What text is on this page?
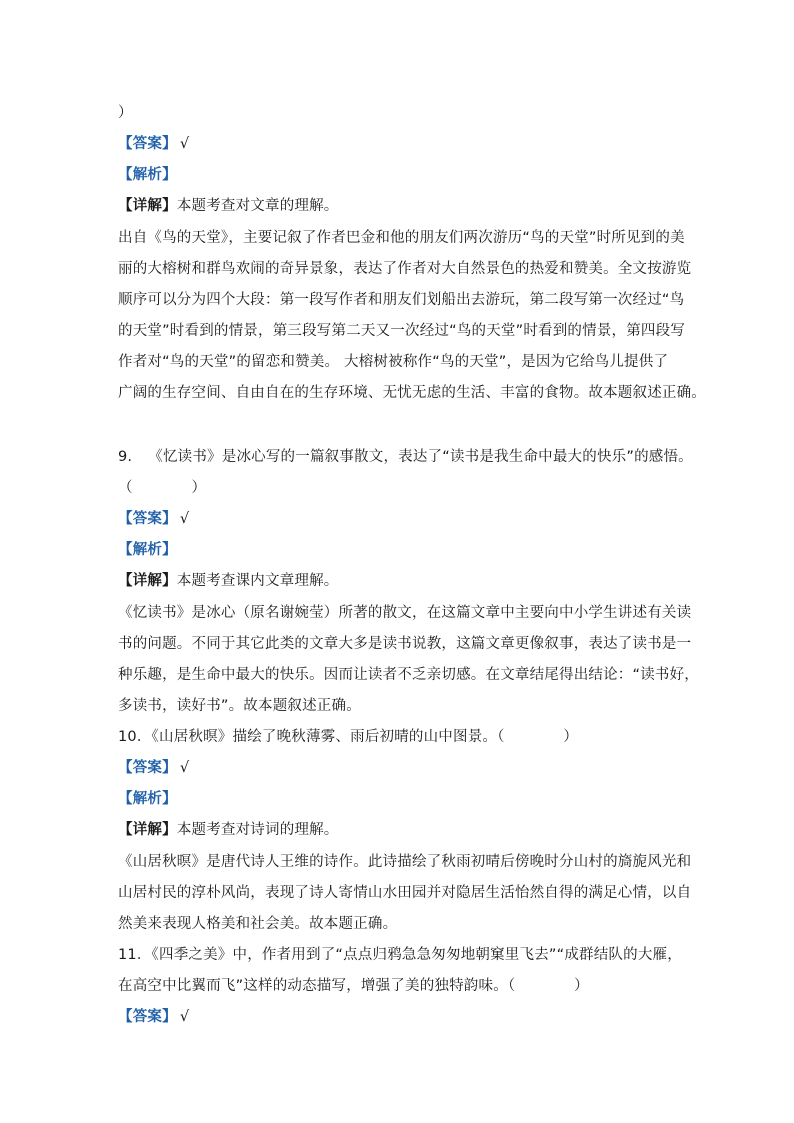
）
【答案】 √
【解析】
【详解】本题考查对文章的理解。
出自《鸟的天堂》，主要记叙了作者巴金和他的朋友们两次游历“鸟的天堂”时所见到的美
丽的大榕树和群鸟欢闹的奇异景象，表达了作者对大自然景色的热爱和赞美。全文按游览
顺序可以分为四个大段：第一段写作者和朋友们划船出去游玩，第二段写第一次经过“鸟
的天堂”时看到的情景，第三段写第二天又一次经过“鸟的天堂”时看到的情景，第四段写
作者对“鸟的天堂”的留恋和赞美。 大榕树被称作“鸟的天堂”，是因为它给鸟儿提供了
广阔的生存空间、自由自在的生存环境、无忧无虑的生活、丰富的食物。故本题叙述正确。
9. 《忆读书》是冰心写的一篇叙事散文，表达了“读书是我生命中最大的快乐”的感悟。
（　　　　）
【答案】 √
【解析】
【详解】本题考查课内文章理解。
《忆读书》是冰心（原名谢婉莹）所著的散文，在这篇文章中主要向中小学生讲述有关读
书的问题。不同于其它此类的文章大多是读书说教，这篇文章更像叙事，表达了读书是一
种乐趣，是生命中最大的快乐。因而让读者不乏亲切感。在文章结尾得出结论：“读书好，
多读书，读好书”。故本题叙述正确。
10．《山居秋暝》描绘了晚秋薄雾、雨后初晴的山中图景。（　　　　）
【答案】 √
【解析】
【详解】本题考查对诗词的理解。
《山居秋暝》是唐代诗人王维的诗作。此诗描绘了秋雨初晴后傍晚时分山村的旖旎风光和
山居村民的淳朴风尚，表现了诗人寄情山水田园并对隐居生活怡然自得的满足心情，以自
然美来表现人格美和社会美。故本题正确。
11．《四季之美》中，作者用到了“点点归鸦急急匆匆地朝窠里飞去”“成群结队的大雁，
在高空中比翼而飞”这样的动态描写，增强了美的独特韵味。（　　　　）
【答案】 √
